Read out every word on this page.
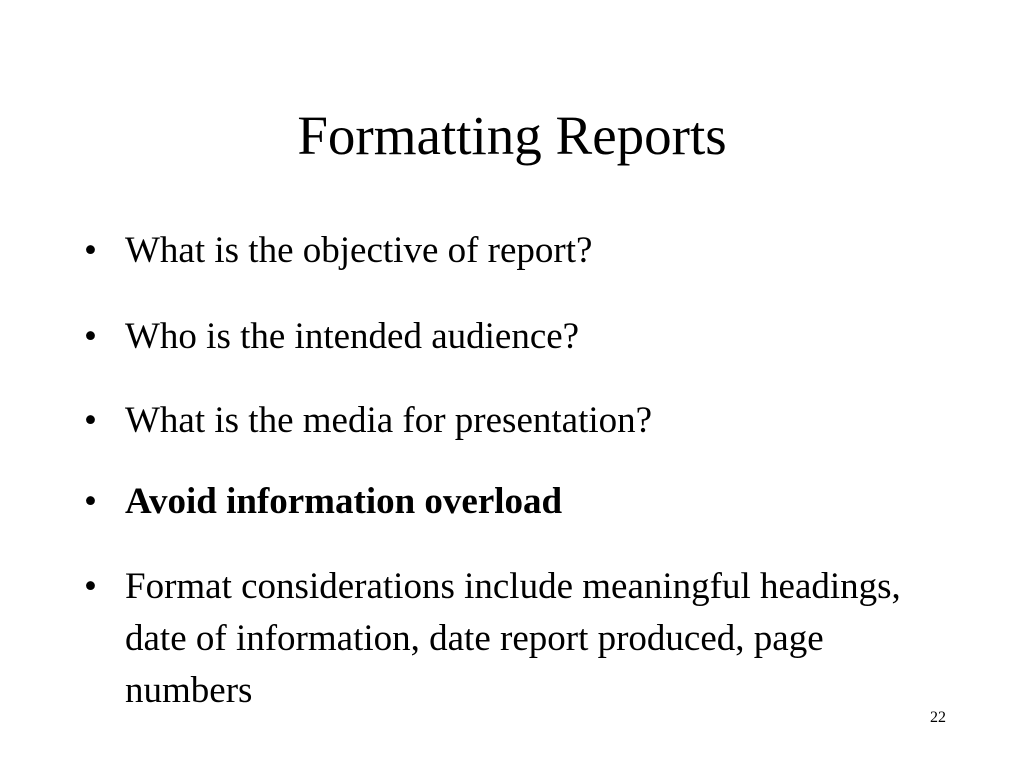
Formatting Reports
• What is the objective of report?
• Who is the intended audience?
• What is the media for presentation?
• Avoid information overload
• Format considerations include meaningful headings, date of information, date report produced, page numbers
22
